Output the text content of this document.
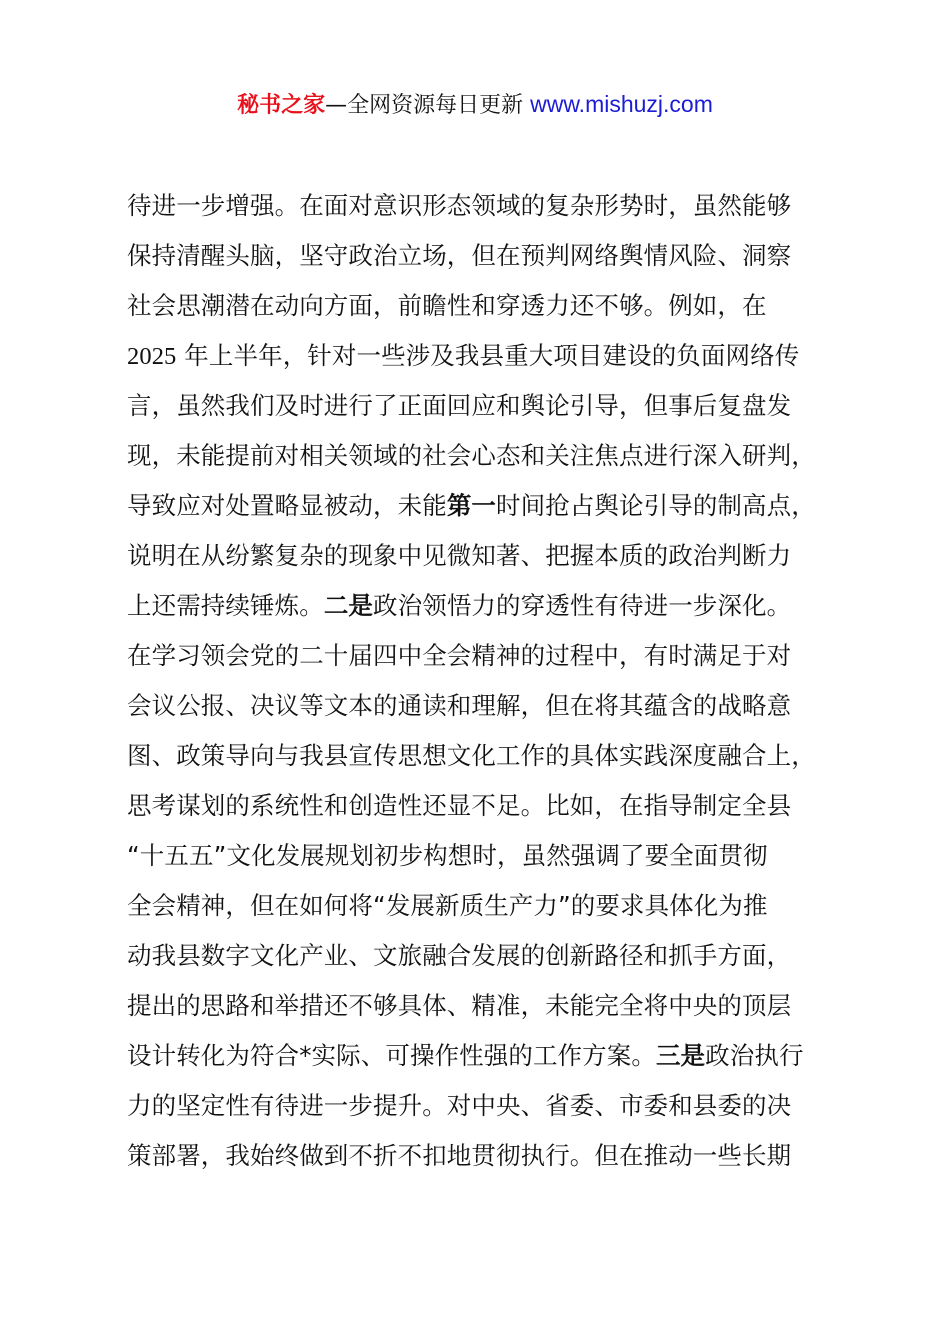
秘书之家—全网资源每日更新 www.mishuzj.com
待进一步增强。在面对意识形态领域的复杂形势时，虽然能够
保持清醒头脑，坚守政治立场，但在预判网络舆情风险、洞察
社会思潮潜在动向方面，前瞻性和穿透力还不够。例如，在
2025 年上半年，针对一些涉及我县重大项目建设的负面网络传
言，虽然我们及时进行了正面回应和舆论引导，但事后复盘发
现，未能提前对相关领域的社会心态和关注焦点进行深入研判，
导致应对处置略显被动，未能第一时间抢占舆论引导的制高点，
说明在从纷繁复杂的现象中见微知著、把握本质的政治判断力
上还需持续锤炼。二是政治领悟力的穿透性有待进一步深化。
在学习领会党的二十届四中全会精神的过程中，有时满足于对
会议公报、决议等文本的通读和理解，但在将其蕴含的战略意
图、政策导向与我县宣传思想文化工作的具体实践深度融合上，
思考谋划的系统性和创造性还显不足。比如，在指导制定全县
“十五五”文化发展规划初步构想时，虽然强调了要全面贯彻
全会精神，但在如何将“发展新质生产力”的要求具体化为推
动我县数字文化产业、文旅融合发展的创新路径和抓手方面，
提出的思路和举措还不够具体、精准，未能完全将中央的顶层
设计转化为符合*实际、可操作性强的工作方案。三是政治执行
力的坚定性有待进一步提升。对中央、省委、市委和县委的决
策部署，我始终做到不折不扣地贯彻执行。但在推动一些长期
